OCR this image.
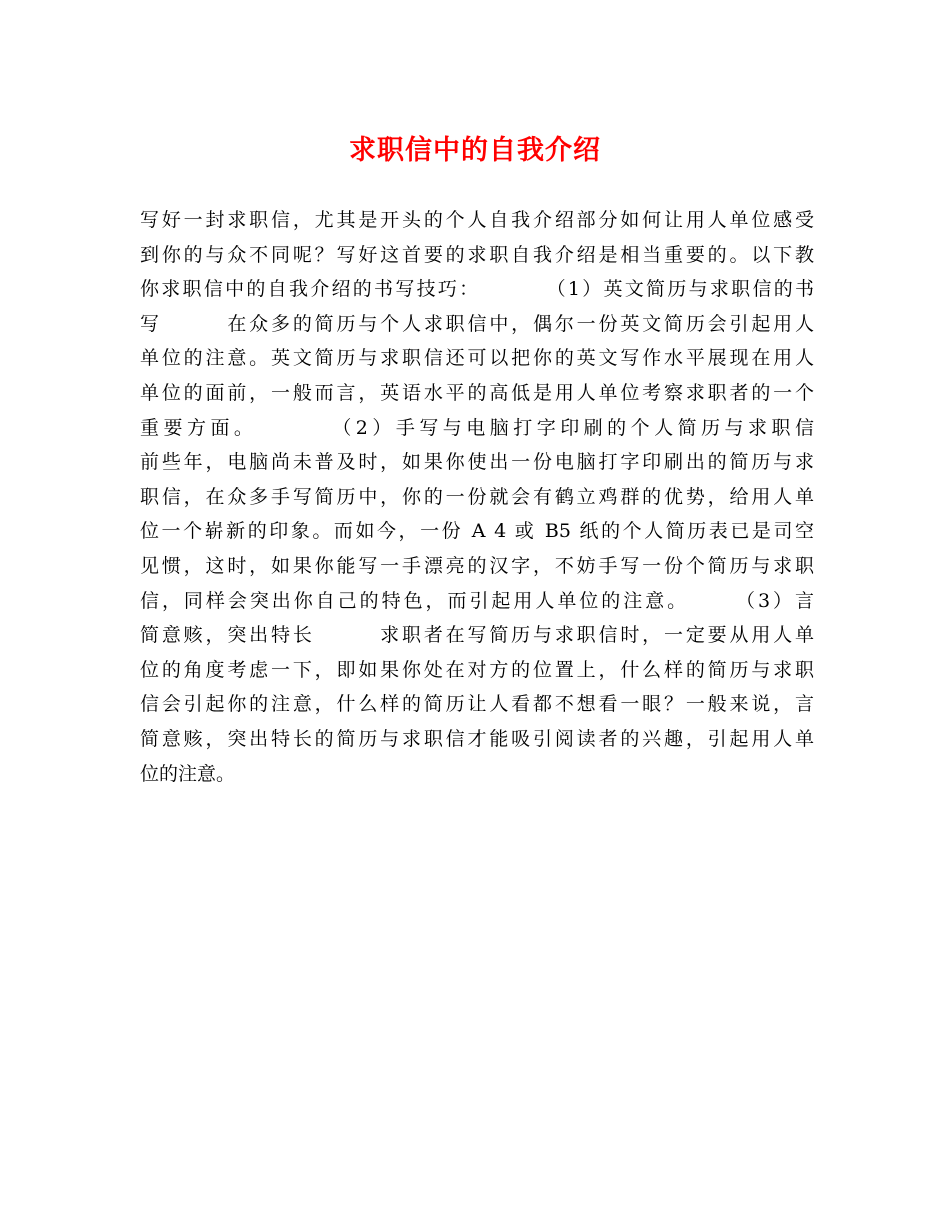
求职信中的自我介绍
写好一封求职信，尤其是开头的个人自我介绍部分如何让用人单位感受
到你的与众不同呢？写好这首要的求职自我介绍是相当重要的。以下教
你求职信中的自我介绍的书写技巧：　　　　（1）英文简历与求职信的书
写　　　在众多的简历与个人求职信中，偶尔一份英文简历会引起用人
单位的注意。英文简历与求职信还可以把你的英文写作水平展现在用人
单位的面前，一般而言，英语水平的高低是用人单位考察求职者的一个
重要方面。　　　　（2）手写与电脑打字印刷的个人简历与求职信
前些年，电脑尚未普及时，如果你使出一份电脑打字印刷出的简历与求
职信，在众多手写简历中，你的一份就会有鹤立鸡群的优势，给用人单
位一个崭新的印象。而如今，一份 A 4 或 B5 纸的个人简历表已是司空
见惯，这时，如果你能写一手漂亮的汉字，不妨手写一份个简历与求职
信，同样会突出你自己的特色，而引起用人单位的注意。　　　（3）言
简意赅，突出特长　　　求职者在写简历与求职信时，一定要从用人单
位的角度考虑一下，即如果你处在对方的位置上，什么样的简历与求职
信会引起你的注意，什么样的简历让人看都不想看一眼？一般来说，言
简意赅，突出特长的简历与求职信才能吸引阅读者的兴趣，引起用人单
位的注意。
